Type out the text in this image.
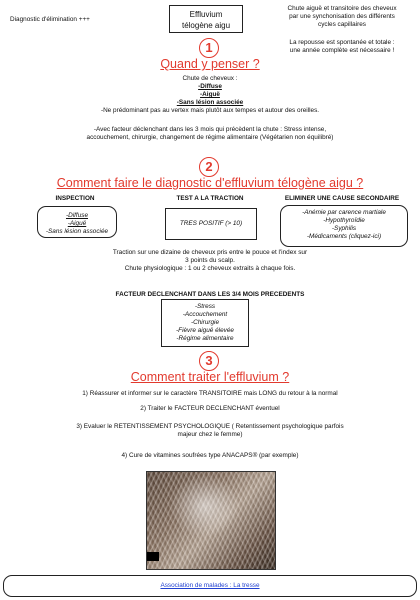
Diagnostic d'élimination +++
Effluvium
télogène aigu
Chute aiguë et transitoire des cheveux
par une synchonisation des différents
cycles capillaires
La repousse est spontanée et totale :
une année complète est nécessaire !
1
Quand y penser ?
Chute de cheveux :
-Diffuse
-Aiguë
-Sans lésion associée
-Ne prédominant pas au vertex mais plutôt aux tempes et autour des oreilles.
-Avec facteur déclenchant dans les 3 mois qui précèdent la chute : Stress intense,
accouchement, chirurgie, changement de régime alimentaire (Végétarien non équilibré)
2
Comment faire le diagnostic d'effluvium télogène aigu ?
INSPECTION
-Diffuse
-Aiguë
-Sans lésion associée
TEST A LA TRACTION
TRES POSITIF (> 10)
ELIMINER UNE CAUSE SECONDAIRE
-Anémie par carence martiale
-Hypothyroïdie
-Syphilis
-Médicaments (cliquez-ici)
Traction sur une dizaine de cheveux pris entre le pouce et l'index sur
3 points du scalp.
Chute physiologique : 1 ou 2 cheveux extraits à chaque fois.
FACTEUR DECLENCHANT DANS LES 3/4 MOIS PRECEDENTS
-Stress
-Accouchement
-Chirurgie
-Fièvre aiguë élevée
-Régime alimentaire
3
Comment traiter l'effluvium ?
1) Réassurer et informer sur le caractère TRANSITOIRE mais LONG du retour à la normal
2) Traiter le FACTEUR DECLENCHANT éventuel
3) Evaluer le RETENTISSEMENT PSYCHOLOGIQUE ( Retentissement psychologique parfois
majeur chez le femme)
4) Cure de vitamines soufrées type ANACAPS® (par exemple)
Association de malades : La tresse
